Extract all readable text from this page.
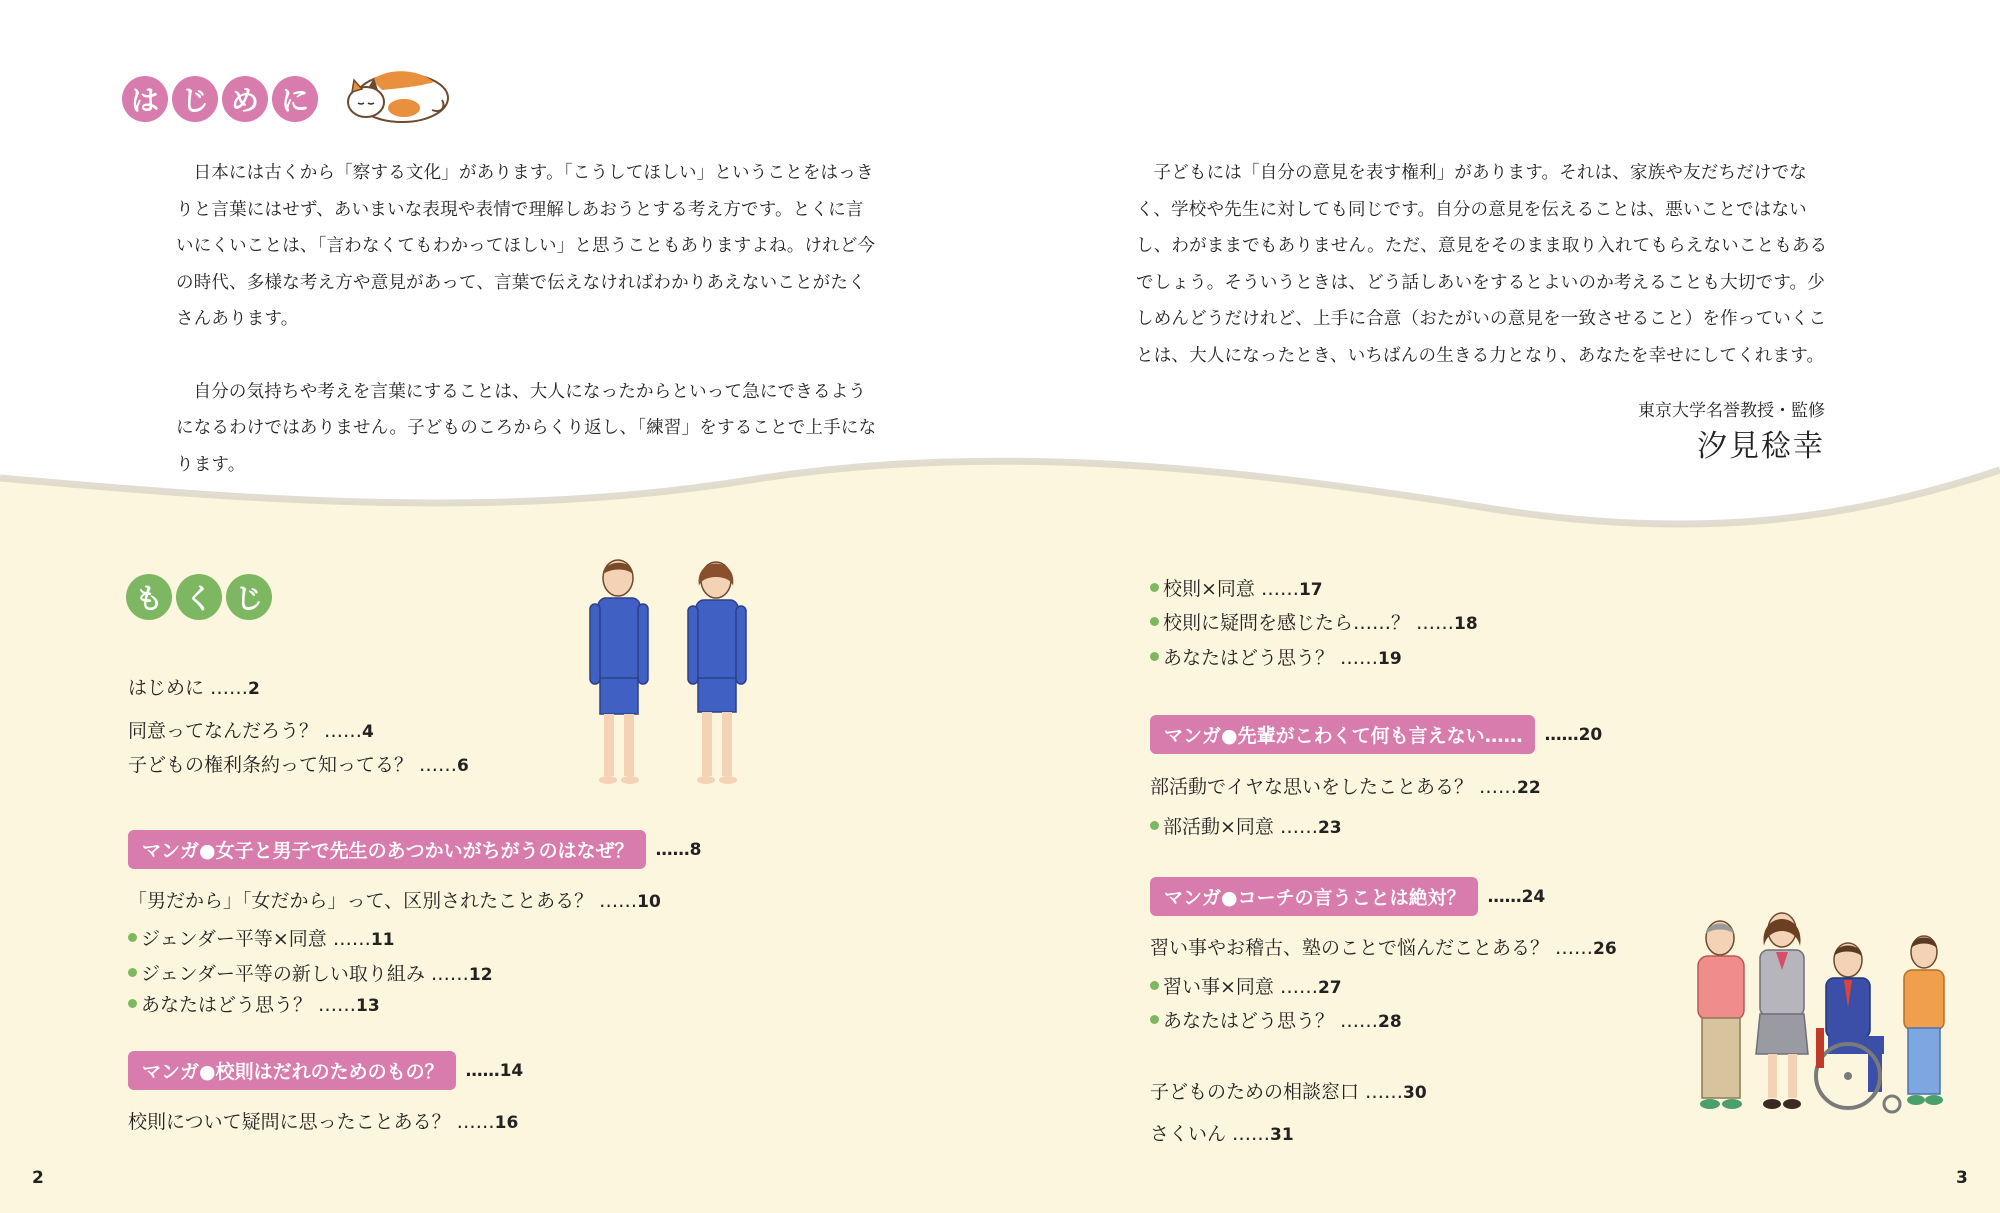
は じ め に

日本には古くから「察する文化」があります。「こうしてほしい」ということをはっきりと言葉にはせず、あいまいな表現や表情で理解しあおうとする考え方です。とくに言いにくいことは、「言わなくてもわかってほしい」と思うこともありますよね。けれど今の時代、多様な考え方や意見があって、言葉で伝えなければわかりあえないことがたくさんあります。

自分の気持ちや考えを言葉にすることは、大人になったからといって急にできるようになるわけではありません。子どものころからくり返し、「練習」をすることで上手になります。

子どもには「自分の意見を表す権利」があります。それは、家族や友だちだけでなく、学校や先生に対しても同じです。自分の意見を伝えることは、悪いことではないし、わがままでもありません。ただ、意見をそのまま取り入れてもらえないこともあるでしょう。そういうときは、どう話しあいをするとよいのか考えることも大切です。少しめんどうだけれど、上手に合意（おたがいの意見を一致させること）を作っていくことは、大人になったとき、いちばんの生きる力となり、あなたを幸せにしてくれます。

東京大学名誉教授・監修
汐見稔幸
も く じ
はじめに ……2
同意ってなんだろう？ ……4
子どもの権利条約って知ってる？ ……6
マンガ●女子と男子で先生のあつかいがちがうのはなぜ？ ……8
「男だから」「女だから」って、区別されたことある？ ……10
ジェンダー平等×同意 ……11
ジェンダー平等の新しい取り組み ……12
あなたはどう思う？ ……13
マンガ●校則はだれのためのもの？ ……14
校則について疑問に思ったことある？ ……16
校則×同意 ……17
校則に疑問を感じたら……？ ……18
あなたはどう思う？ ……19
マンガ●先輩がこわくて何も言えない…… ……20
部活動でイヤな思いをしたことある？ ……22
部活動×同意 ……23
マンガ●コーチの言うことは絶対？ ……24
習い事やお稽古、塾のことで悩んだことある？ ……26
習い事×同意 ……27
あなたはどう思う？ ……28
子どものための相談窓口 ……30
さくいん ……31
2	3
